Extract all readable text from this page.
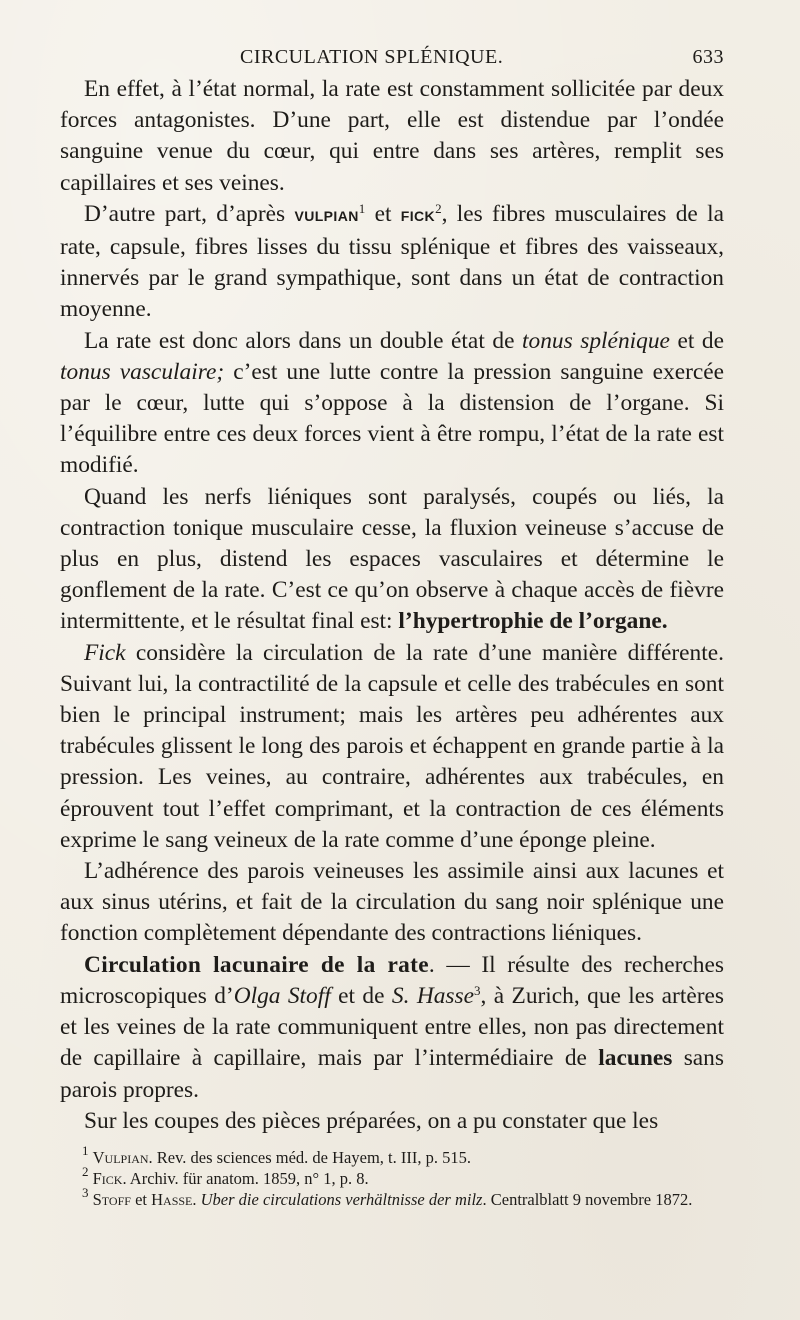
CIRCULATION SPLÉNIQUE.	633

En effet, à l’état normal, la rate est constamment sollicitée par deux forces antagonistes. D’une part, elle est distendue par l’ondée sanguine venue du cœur, qui entre dans ses artères, remplit ses capillaires et ses veines.

D’autre part, d’après VULPIAN$^1$ et FICK$^2$, les fibres musculaires de la rate, capsule, fibres lisses du tissu splénique et fibres des vaisseaux, innervés par le grand sympathique, sont dans un état de contraction moyenne.

La rate est donc alors dans un double état de tonus splénique et de tonus vasculaire; c’est une lutte contre la pression sanguine exercée par le cœur, lutte qui s’oppose à la distension de l’organe. Si l’équilibre entre ces deux forces vient à être rompu, l’état de la rate est modifié.

Quand les nerfs liéniques sont paralysés, coupés ou liés, la contraction tonique musculaire cesse, la fluxion veineuse s’accuse de plus en plus, distend les espaces vasculaires et détermine le gonflement de la rate. C’est ce qu’on observe à chaque accès de fièvre intermittente, et le résultat final est: l’hypertrophie de l’organe.

Fick considère la circulation de la rate d’une manière différente. Suivant lui, la contractilité de la capsule et celle des trabécules en sont bien le principal instrument; mais les artères peu adhérentes aux trabécules glissent le long des parois et échappent en grande partie à la pression. Les veines, au contraire, adhérentes aux trabécules, en éprouvent tout l’effet comprimant, et la contraction de ces éléments exprime le sang veineux de la rate comme d’une éponge pleine.

L’adhérence des parois veineuses les assimile ainsi aux lacunes et aux sinus utérins, et fait de la circulation du sang noir splénique une fonction complètement dépendante des contractions liéniques.

Circulation lacunaire de la rate. — Il résulte des recherches microscopiques d’Olga Stoff et de S. Hasse$^3$, à Zurich, que les artères et les veines de la rate communiquent entre elles, non pas directement de capillaire à capillaire, mais par l’intermédiaire de lacunes sans parois propres.

Sur les coupes des pièces préparées, on a pu constater que les

$^1$ Vulpian. Rev. des sciences méd. de Hayem, t. III, p. 515.

$^2$ Fick. Archiv. für anatom. 1859, n° 1, p. 8.

$^3$ Stoff et Hasse. Uber die circulations verhältnisse der milz. Centralblatt 9 novembre 1872.
